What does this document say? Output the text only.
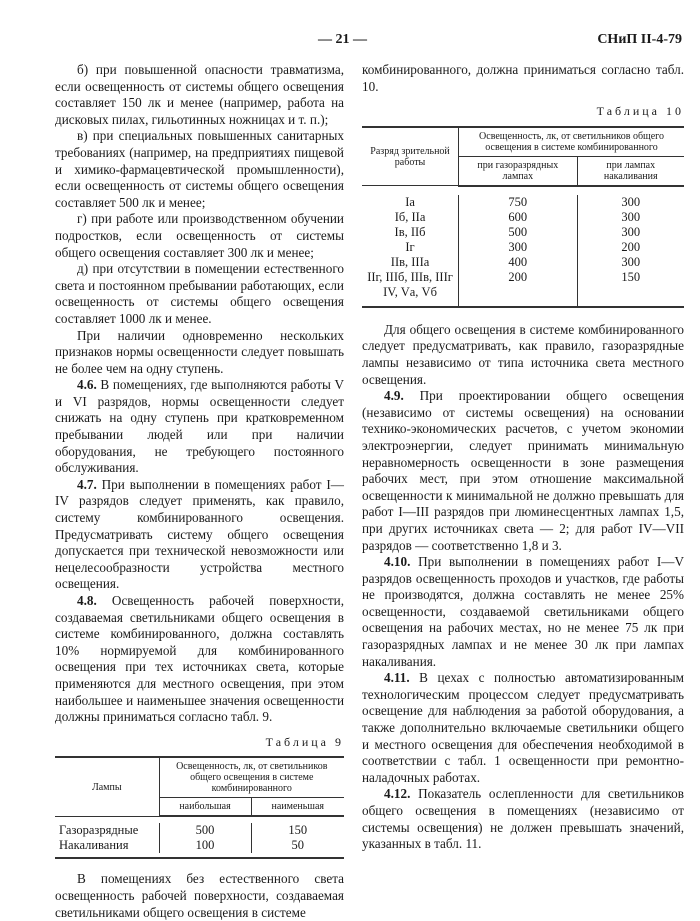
— 21 —	СНиП II-4-79

б) при повышенной опасности травматизма, если освещенность от системы общего освещения составляет 150 лк и менее (например, работа на дисковых пилах, гильотинных ножницах и т. п.);

в) при специальных повышенных санитарных требованиях (например, на предприятиях пищевой и химико-фармацевтической промышленности), если освещенность от системы общего освещения составляет 500 лк и менее;

г) при работе или производственном обучении подростков, если освещенность от системы общего освещения составляет 300 лк и менее;

д) при отсутствии в помещении естественного света и постоянном пребывании работающих, если освещенность от системы общего освещения составляет 1000 лк и менее.

При наличии одновременно нескольких признаков нормы освещенности следует повышать не более чем на одну ступень.

4.6. В помещениях, где выполняются работы V и VI разрядов, нормы освещенности следует снижать на одну ступень при кратковременном пребывании людей или при наличии оборудования, не требующего постоянного обслуживания.

4.7. При выполнении в помещениях работ I—IV разрядов следует применять, как правило, систему комбинированного освещения. Предусматривать систему общего освещения допускается при технической невозможности или нецелесообразности устройства местного освещения.

4.8. Освещенность рабочей поверхности, создаваемая светильниками общего освещения в системе комбинированного, должна составлять 10% нормируемой для комбинированного освещения при тех источниках света, которые применяются для местного освещения, при этом наибольшее и наименьшее значения освещенности должны приниматься согласно табл. 9.

Таблица 9
Лампы	Освещенность, лк, от светильников общего освещения в системе комбинированного	
	наибольшая	наименьшая

Газоразрядные	500	150
Накаливания	100	50

В помещениях без естественного света освещенность рабочей поверхности, создаваемая светильниками общего освещения в системе

комбинированного, должна приниматься согласно табл. 10.

Таблица 10
Разряд зрительной работы	Освещенность, лк, от светильников общего освещения в системе комбинированного	
	при газоразрядных лампах	при лампах накаливания

Iа	750	300
Iб, IIа	600	300
Iв, IIб	500	300
Iг	300	200
IIв, IIIа	400	300
IIг, IIIб, IIIв, IIIг IV, Vа, Vб	200	150

Для общего освещения в системе комбинированного следует предусматривать, как правило, газоразрядные лампы независимо от типа источника света местного освещения.

4.9. При проектировании общего освещения (независимо от системы освещения) на основании технико-экономических расчетов, с учетом экономии электроэнергии, следует принимать минимальную неравномерность освещенности в зоне размещения рабочих мест, при этом отношение максимальной освещенности к минимальной не должно превышать для работ I—III разрядов при люминесцентных лампах 1,5, при других источниках света — 2; для работ IV—VII разрядов — соответственно 1,8 и 3.

4.10. При выполнении в помещениях работ I—V разрядов освещенность проходов и участков, где работы не производятся, должна составлять не менее 25% освещенности, создаваемой светильниками общего освещения на рабочих местах, но не менее 75 лк при газоразрядных лампах и не менее 30 лк при лампах накаливания.

4.11. В цехах с полностью автоматизированным технологическим процессом следует предусматривать освещение для наблюдения за работой оборудования, а также дополнительно включаемые светильники общего и местного освещения для обеспечения необходимой в соответствии с табл. 1 освещенности при ремонтно-наладочных работах.

4.12. Показатель ослепленности для светильников общего освещения в помещениях (независимо от системы освещения) не должен превышать значений, указанных в табл. 11.
